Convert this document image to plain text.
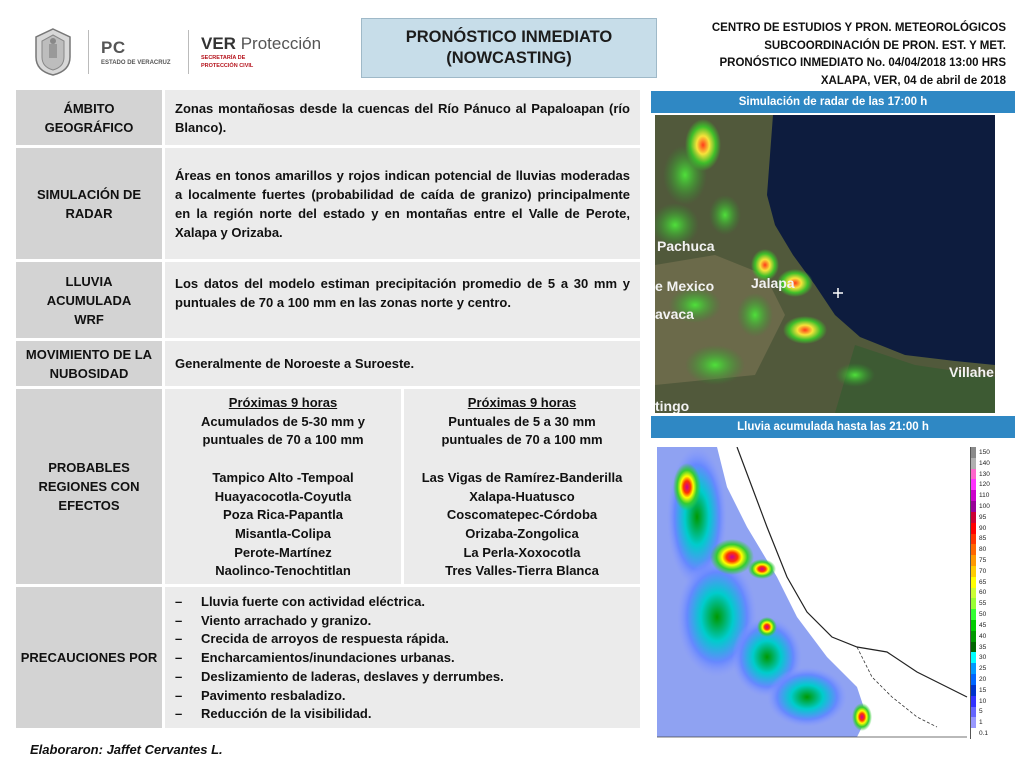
PC
ESTADO DE VERACRUZ
VER Protección
SECRETARÍA DE
PROTECCIÓN CIVIL
PRONÓSTICO INMEDIATO
(NOWCASTING)
CENTRO DE ESTUDIOS Y PRON. METEOROLÓGICOS
SUBCOORDINACIÓN DE PRON. EST. Y MET.
PRONÓSTICO INMEDIATO No. 04/04/2018 13:00 HRS
XALAPA, VER, 04 de abril de 2018
ÁMBITO GEOGRÁFICO
Zonas montañosas desde la cuencas del Río Pánuco al Papaloapan (río Blanco).
SIMULACIÓN DE RADAR
Áreas en tonos amarillos y rojos indican potencial de lluvias moderadas a localmente fuertes (probabilidad de caída de granizo) principalmente en la región norte del estado y en montañas entre el Valle de Perote, Xalapa y Orizaba.
LLUVIA ACUMULADA WRF
Los datos del modelo estiman precipitación promedio de 5 a 30 mm y puntuales de 70 a 100 mm en las zonas norte y centro.
MOVIMIENTO DE LA NUBOSIDAD
Generalmente de Noroeste a Suroeste.
PROBABLES REGIONES CON EFECTOS
Próximas 9 horas
Acumulados de 5-30 mm y
puntuales de 70 a 100 mm
Tampico Alto -Tempoal
Huayacocotla-Coyutla
Poza Rica-Papantla
Misantla-Colipa
Perote-Martínez
Naolinco-Tenochtitlan
Próximas 9 horas
Puntuales de 5 a 30 mm
puntuales de 70 a 100 mm
Las Vigas de Ramírez-Banderilla
Xalapa-Huatusco
Coscomatepec-Córdoba
Orizaba-Zongolica
La Perla-Xoxocotla
Tres Valles-Tierra Blanca
PRECAUCIONES POR
–	Lluvia fuerte con actividad eléctrica.
–	Viento arrachado y granizo.
–	Crecida de arroyos de respuesta rápida.
–	Encharcamientos/inundaciones urbanas.
–	Deslizamiento de laderas, deslaves y derrumbes.
–	Pavimento resbaladizo.
–	Reducción de la visibilidad.
Elaboraron: Jaffet Cervantes L.
Simulación de radar de las 17:00 h
Pachuca
e Mexico	Jalapa
avaca
Villahe
tingo
Lluvia acumulada hasta las 21:00 h
150
140
130
120
110
100
95
90
85
80
75
70
65
60
55
50
45
40
35
30
25
20
15
10
5
1
0.1
